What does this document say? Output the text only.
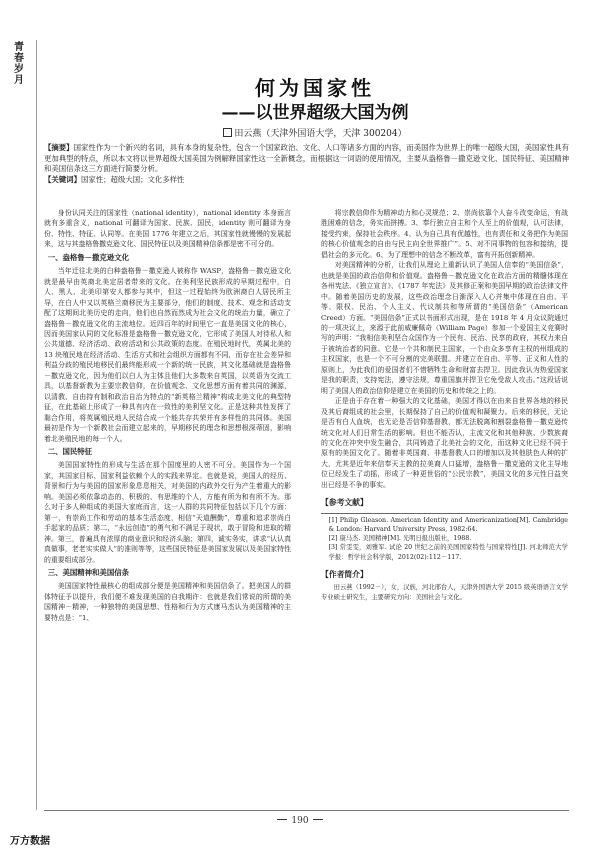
青
春
岁
月	何为国家性
——以世界超级大国为例
田云燕（天津外国语大学，天津 300204）

【摘要】国家性作为一个新兴的名词，具有本身的复杂性，包含一个国家政治、文化、人口等诸多方面的内容，而美国作为世界上的唯一超级大国，美国家性具有更加典型的特点，所以本文将以世界超级大国美国为例解释国家性这一全新概念，而根据这一词语的使用情况，主要从盎格鲁－撒克逊文化、国民特征、美国精神和美国信条这三方面进行简要分析。

【关键词】国家性；超级大国；文化多样性

身份认同关注的国家性（national identity），national identity 本身面言就有多重含义，national 可翻译为国家、民族、国民，identity 则可翻译为身份、特性、特征、认同等。在美国 1776 年建立之后，其国家性就慢慢的发展起来，这与其盎格鲁撒克逊文化、国民特征以及美国精神信条都是密不可分的。

一、盎格鲁－撒克逊文化

当年迁往北美的白种盎格鲁－撒克逊人被称作 WASP，盎格鲁－撒克逊文化就是最早由英裔北美定居者带来的文化。在美利坚民族形成的早期过程中，白人、黑人、北美印第安人都参与其中，但这一过程始终为欧洲裔白人居民所主导，在白人中又以英格兰裔移民为主要部分，他们的制度、技术、观念和活动支配了这期间北美历史的走向，他们也自然而然成为社会文化的统治力量，确立了盎格鲁－撒克逊文化的主流地位。近四百年的时间里它一直是美国文化的核心，因而美国家认同的文化标准是盎格鲁－撒克逊文化，它形成了美国人对待私人和公共道德、经济活动、政府活动和公共政策的态度。在殖民地时代，英属北美的 13 块殖民地在经济活动、生活方式和社会组织方面都有不同，而存在社会差异和利益分歧的殖民地移民们最终能形成一个新的统一民族，其文化基础就是盎格鲁－撒克逊文化，因为他们以白人为主体且他们大多数来自英国，以英语为交流工具，以基督新教为主要宗教信仰，在价值观念、文化思想方面有着共同的渊源，以清教、自由持有制和政治自治为特点的“新英格兰精神”构成北美文化的典型特征，在此基础上形成了一种具有内在一致性的美利坚文化。正是这种共性发挥了黏合作用，将英属殖民地人民结合成一个能共存共荣并有多样性的共同体。美国最初是作为一个新教社会而建立起来的，早期移民的理念和思想根深蒂固，影响着北美殖民地的每一个人。

二、国民特征

美国国家特性的形成与生活在那个国度里的人密不可分。美国作为一个国家，其国家目标、国家利益依赖个人的实践来界定。也就是说，美国人的经历、背景和行为与美国的国家形象息息相关，对美国的内政外交行为产生着重大的影响。美国必须依靠动态的、积极的、有思维的个人，方能有所为和有所不为。那么对于多人种组成的美国大家庭而言，这一人群的共同特征包括以下几个方面：第一，有崇尚工作和劳动的基本生活态度，相信“天道酬勤”，尊重和追求崇尚白手起家的品质；第二，“永远创造”的勇气和不满足于现状，敢于冒险和进取的精神。第三，普遍具有浓厚的商业意识和经济头脑；第四，诚实务实，讲求“认认真真做事，老老实实做人”的准则等等，这些国民特征是美国家发展以及美国家特性的重要组成部分。

三、美国精神和美国信条

美国国家特性最核心的组成部分便是美国精神和美国信条了。把美国人的群体特征予以提升，我们便不难发现美国的自我期许：也就是我们常说的所谓的美国精神－精神，一种独特的美国思想、性格和行为方式康马杰认为美国精神的主要特点是：“1、

将宗教信仰作为精神动力和心灵规范；2、崇尚依靠个人奋斗改变命运，有战胜困难的信念，务实而拼搏。3、奉行独立自主和个人至上的价值观，认可法律，接受约束，保持社会秩序。4、认为自己具有优越性，也有责任和义务把作为美国的核心价值观念的自由与民主向全世界推广”。5、对不同事物的包容和接纳，提倡社会的多元化。6、为了理想中的信念不断改革，富有开拓创新精神。

对美国精神的分析，让我们从理论上重新认识了美国人信奉的“美国信条”，也就是美国的政治信仰和价值观。盎格鲁－撒克逊文化在政治方面的精髓体现在各州宪法、《独立宣言》、《1787 年宪法》及其修正案和美国早期的政治法律文件中。随着美国历史的发展，这些政治理念日渐深入人心并集中体现在自由、平等、限权、民治、个人主义、代议制共和等所谓的“美国信条”（American Creed）方面。“美国信条”正式以书面形式出现，是在 1918 年 4 月众议院通过的一项决议上，来源于此前威廉佩奇（William Page）参加一个爱国主义竞赛时写的声明：“我相信美利坚合众国作为一个民有、民治、民享的政府，其权力来自于被统治者的同意。它是一个共和制民主国家，一个由众多享有主权的州组成的主权国家，也是一个不可分割的完美联盟。并建立在自由、平等、正义和人性的原则上，为此我们的爱国者们不惜牺牲生命和财富去捍卫。因此我认为热爱国家是我的职责，支持宪法，遵守法规，尊重国旗并捍卫它免受敌人攻击。”这段话说明了美国人的政治信仰是建立在美国的历史和传统之上的。

正是由于存在着一种强大的文化基础，美国才得以在由来自世界各地的移民及其后裔组成的社会里，长期保持了自己的价值观和凝聚力。后来的移民，无论是否有白人血统，也无论是否信仰基督教，都无法脱离和割裂盎格鲁－撒克逊传统文化对人们日常生活的影响。但也不能否认，主流文化和其他种族、少数族裔的文化在冲突中发生融合，共同铸造了北美社会的文化，而这种文化已经不同于原有的美国文化了。随着非英国裔、非基督教人口的增加以及其他肤色人种的扩大，尤其是近年来信奉天主教的拉美裔人口猛增，盎格鲁－撒克逊的文化主导地位已经发生了动摇，形成了一种更世俗的“公民宗教”，美国文化的多元性日益突出已经是不争的事实。

【参考文献】

[1] Philip Gleason. American Identity and Americanization[M]. Cambridge & London: Harvard University Press, 1982:64.

[2] 康马杰. 美国精神[M]. 光明日报出版社，1988.

[3] 常雯雯，刘雅军. 试论 20 世纪之前的美国国家特性与国家特性[J]. 河北师范大学学报：哲学社会科学版，2012(02):112－117.

【作者简介】

田云燕（1992－），女，汉族，河北邢台人，天津外国语大学 2015 级英语语言文学专业硕士研究生，主要研究方向：美国社会与文化。

190
万方数据
